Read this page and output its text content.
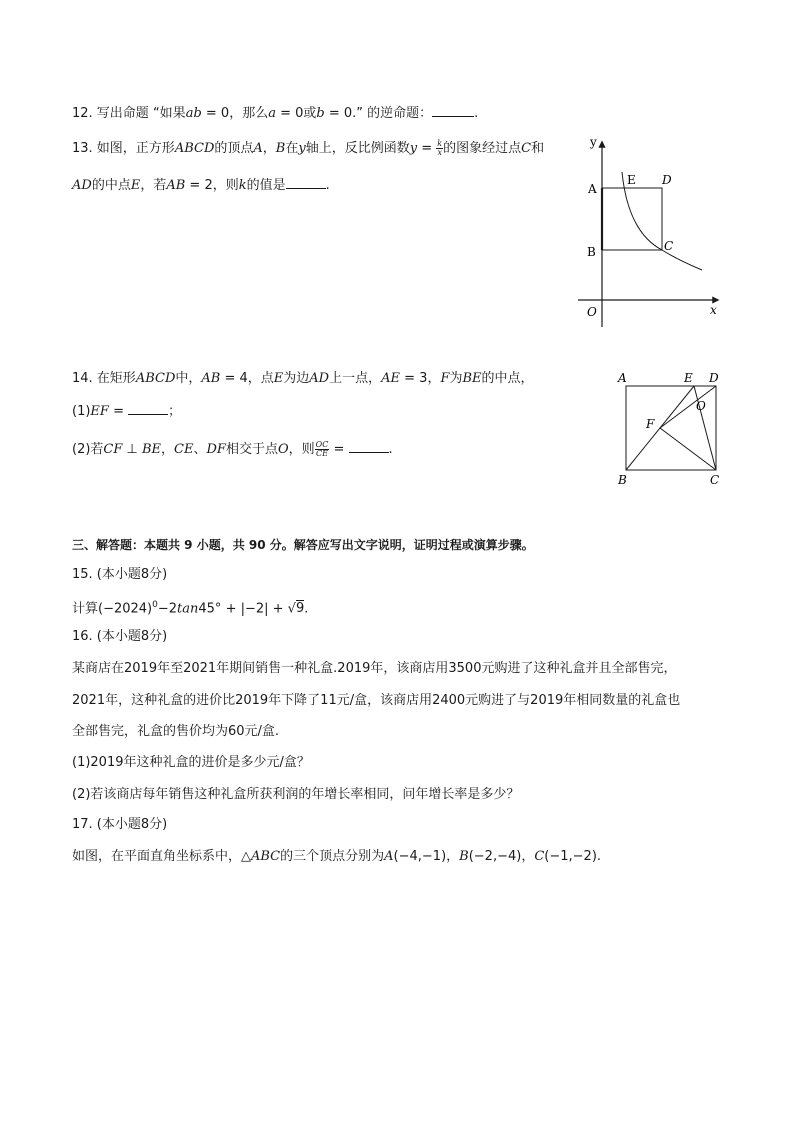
12. 写出命题 “如果ab = 0，那么a = 0或b = 0.” 的逆命题：	.
13. 如图，正方形ABCD的顶点A，B在y轴上，反比例函数$y = \frac{k}{x}$ 的图象经过点C和
AD的中点E，若AB = 2，则k的值是	.
y
x
O
A
B	C
D
E
14. 在矩形ABCD中，AB = 4，点E为边AD上一点，AE = 3，F为BE的中点，
(1)EF =	；
(2)若CF ⊥ BE，CE、DF相交于点O，则 $\frac{OC}{CE}$ =	.
A	E D
O
F
B	C
三、解答题：本题共 9 小题，共 90 分。解答应写出文字说明，证明过程或演算步骤。
15. (本小题8分)
计算$(-2024)^0-2\tan 45^\circ + |-2| + √9$.
16. (本小题8分)
某商店在2019年至2021年期间销售一种礼盒.2019年，该商店用3500元购进了这种礼盒并且全部售完，
2021年，这种礼盒的进价比2019年下降了11元/盒，该商店用2400元购进了与2019年相同数量的礼盒也
全部售完，礼盒的售价均为60元/盒.
(1)2019年这种礼盒的进价是多少元/盒？
(2)若该商店每年销售这种礼盒所获利润的年增长率相同，问年增长率是多少？
17. (本小题8分)
如图，在平面直角坐标系中，△ABC的三个顶点分别为A(−4,−1)，B(−2,−4)，C(−1,−2).
